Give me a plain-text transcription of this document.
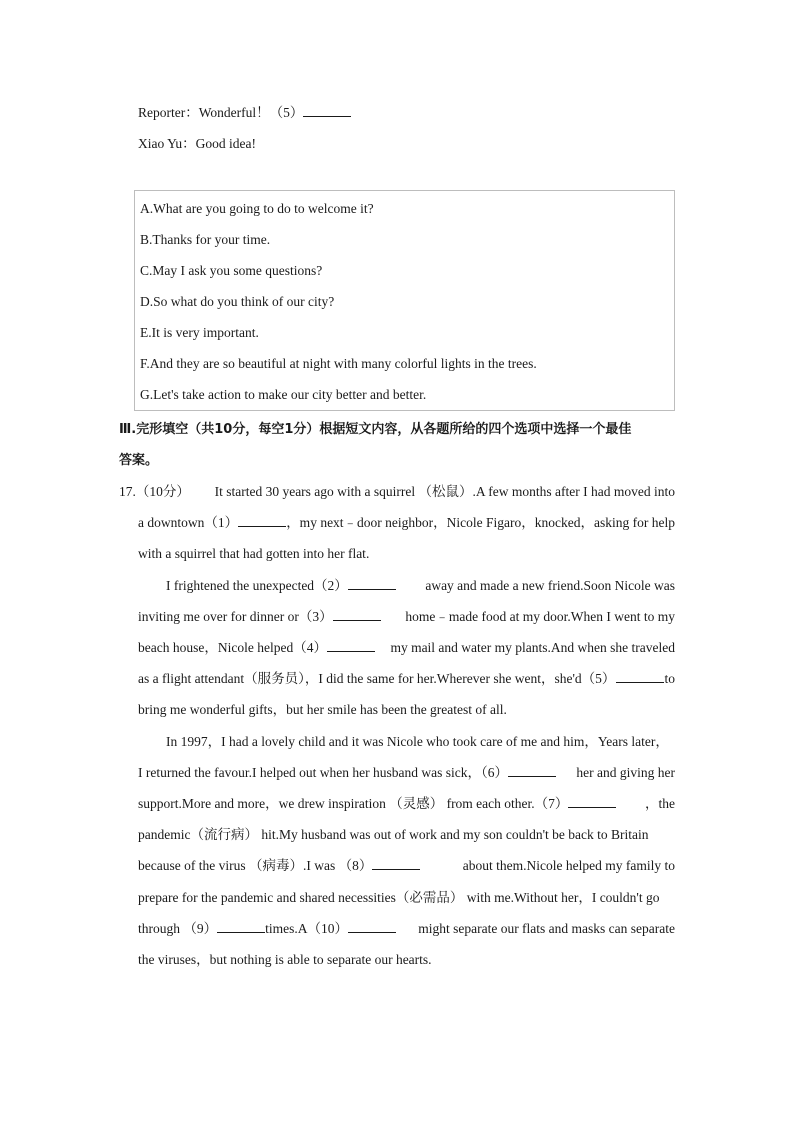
Reporter：Wonderful！（5）
Xiao Yu：Good idea!
A.What are you going to do to welcome it?
B.Thanks for your time.
C.May I ask you some questions?
D.So what do you think of our city?
E.It is very important.
F.And they are so beautiful at night with many colorful lights in the trees.
G.Let's take action to make our city better and better.
Ⅲ.完形填空（共10分，每空1分）根据短文内容，从各题所给的四个选项中选择一个最佳
答案。
17.（10分） It started 30 years ago with a squirrel （松鼠）.A few months after I had moved into
a downtown（1）	，my next﹣door neighbor，Nicole Figaro，knocked，asking for help
with a squirrel that had gotten into her flat.
I frightened the unexpected（2）	away and made a new friend.Soon Nicole was
inviting me over for dinner or（3）	home﹣made food at my door.When I went to my
beach house，Nicole helped（4）	my mail and water my plants.And when she traveled
as a flight attendant（服务员），I did the same for her.Wherever she went，she'd（5）	to
bring me wonderful gifts，but her smile has been the greatest of all.
In 1997，I had a lovely child and it was Nicole who took care of me and him，Years later，
I returned the favour.I helped out when her husband was sick，（6）	her and giving her
support.More and more，we drew inspiration （灵感） from each other.（7）	，the
pandemic（流行病） hit.My husband was out of work and my son couldn't be back to Britain
because of the virus （病毒）.I was （8）	about them.Nicole helped my family to
prepare for the pandemic and shared necessities（必需品） with me.Without her，I couldn't go
through （9）	times.A（10）	might separate our flats and masks can separate
the viruses，but nothing is able to separate our hearts.
